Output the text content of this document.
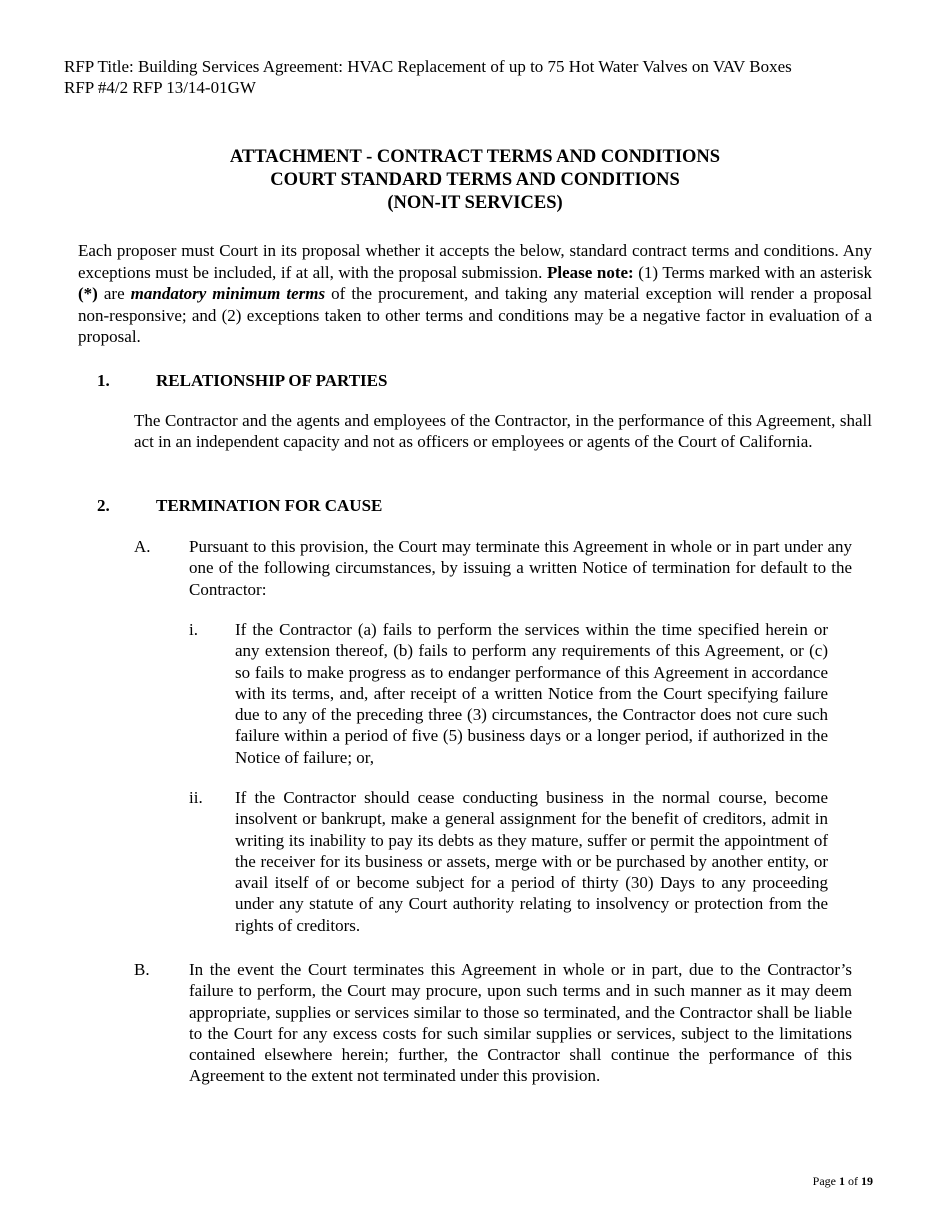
RFP Title: Building Services Agreement: HVAC Replacement of up to 75 Hot Water Valves on VAV Boxes
RFP #4/2 RFP 13/14-01GW
ATTACHMENT - CONTRACT TERMS AND CONDITIONS
COURT STANDARD TERMS AND CONDITIONS
(NON-IT SERVICES)
Each proposer must Court in its proposal whether it accepts the below, standard contract terms and conditions. Any exceptions must be included, if at all, with the proposal submission. Please note: (1) Terms marked with an asterisk (*) are mandatory minimum terms of the procurement, and taking any material exception will render a proposal non-responsive; and (2) exceptions taken to other terms and conditions may be a negative factor in evaluation of a proposal.
1.	RELATIONSHIP OF PARTIES
The Contractor and the agents and employees of the Contractor, in the performance of this Agreement, shall act in an independent capacity and not as officers or employees or agents of the Court of California.
2.	TERMINATION FOR CAUSE
A. Pursuant to this provision, the Court may terminate this Agreement in whole or in part under any one of the following circumstances, by issuing a written Notice of termination for default to the Contractor:
i. If the Contractor (a) fails to perform the services within the time specified herein or any extension thereof, (b) fails to perform any requirements of this Agreement, or (c) so fails to make progress as to endanger performance of this Agreement in accordance with its terms, and, after receipt of a written Notice from the Court specifying failure due to any of the preceding three (3) circumstances, the Contractor does not cure such failure within a period of five (5) business days or a longer period, if authorized in the Notice of failure; or,
ii. If the Contractor should cease conducting business in the normal course, become insolvent or bankrupt, make a general assignment for the benefit of creditors, admit in writing its inability to pay its debts as they mature, suffer or permit the appointment of the receiver for its business or assets, merge with or be purchased by another entity, or avail itself of or become subject for a period of thirty (30) Days to any proceeding under any statute of any Court authority relating to insolvency or protection from the rights of creditors.
B. In the event the Court terminates this Agreement in whole or in part, due to the Contractor’s failure to perform, the Court may procure, upon such terms and in such manner as it may deem appropriate, supplies or services similar to those so terminated, and the Contractor shall be liable to the Court for any excess costs for such similar supplies or services, subject to the limitations contained elsewhere herein; further, the Contractor shall continue the performance of this Agreement to the extent not terminated under this provision.
Page 1 of 19
